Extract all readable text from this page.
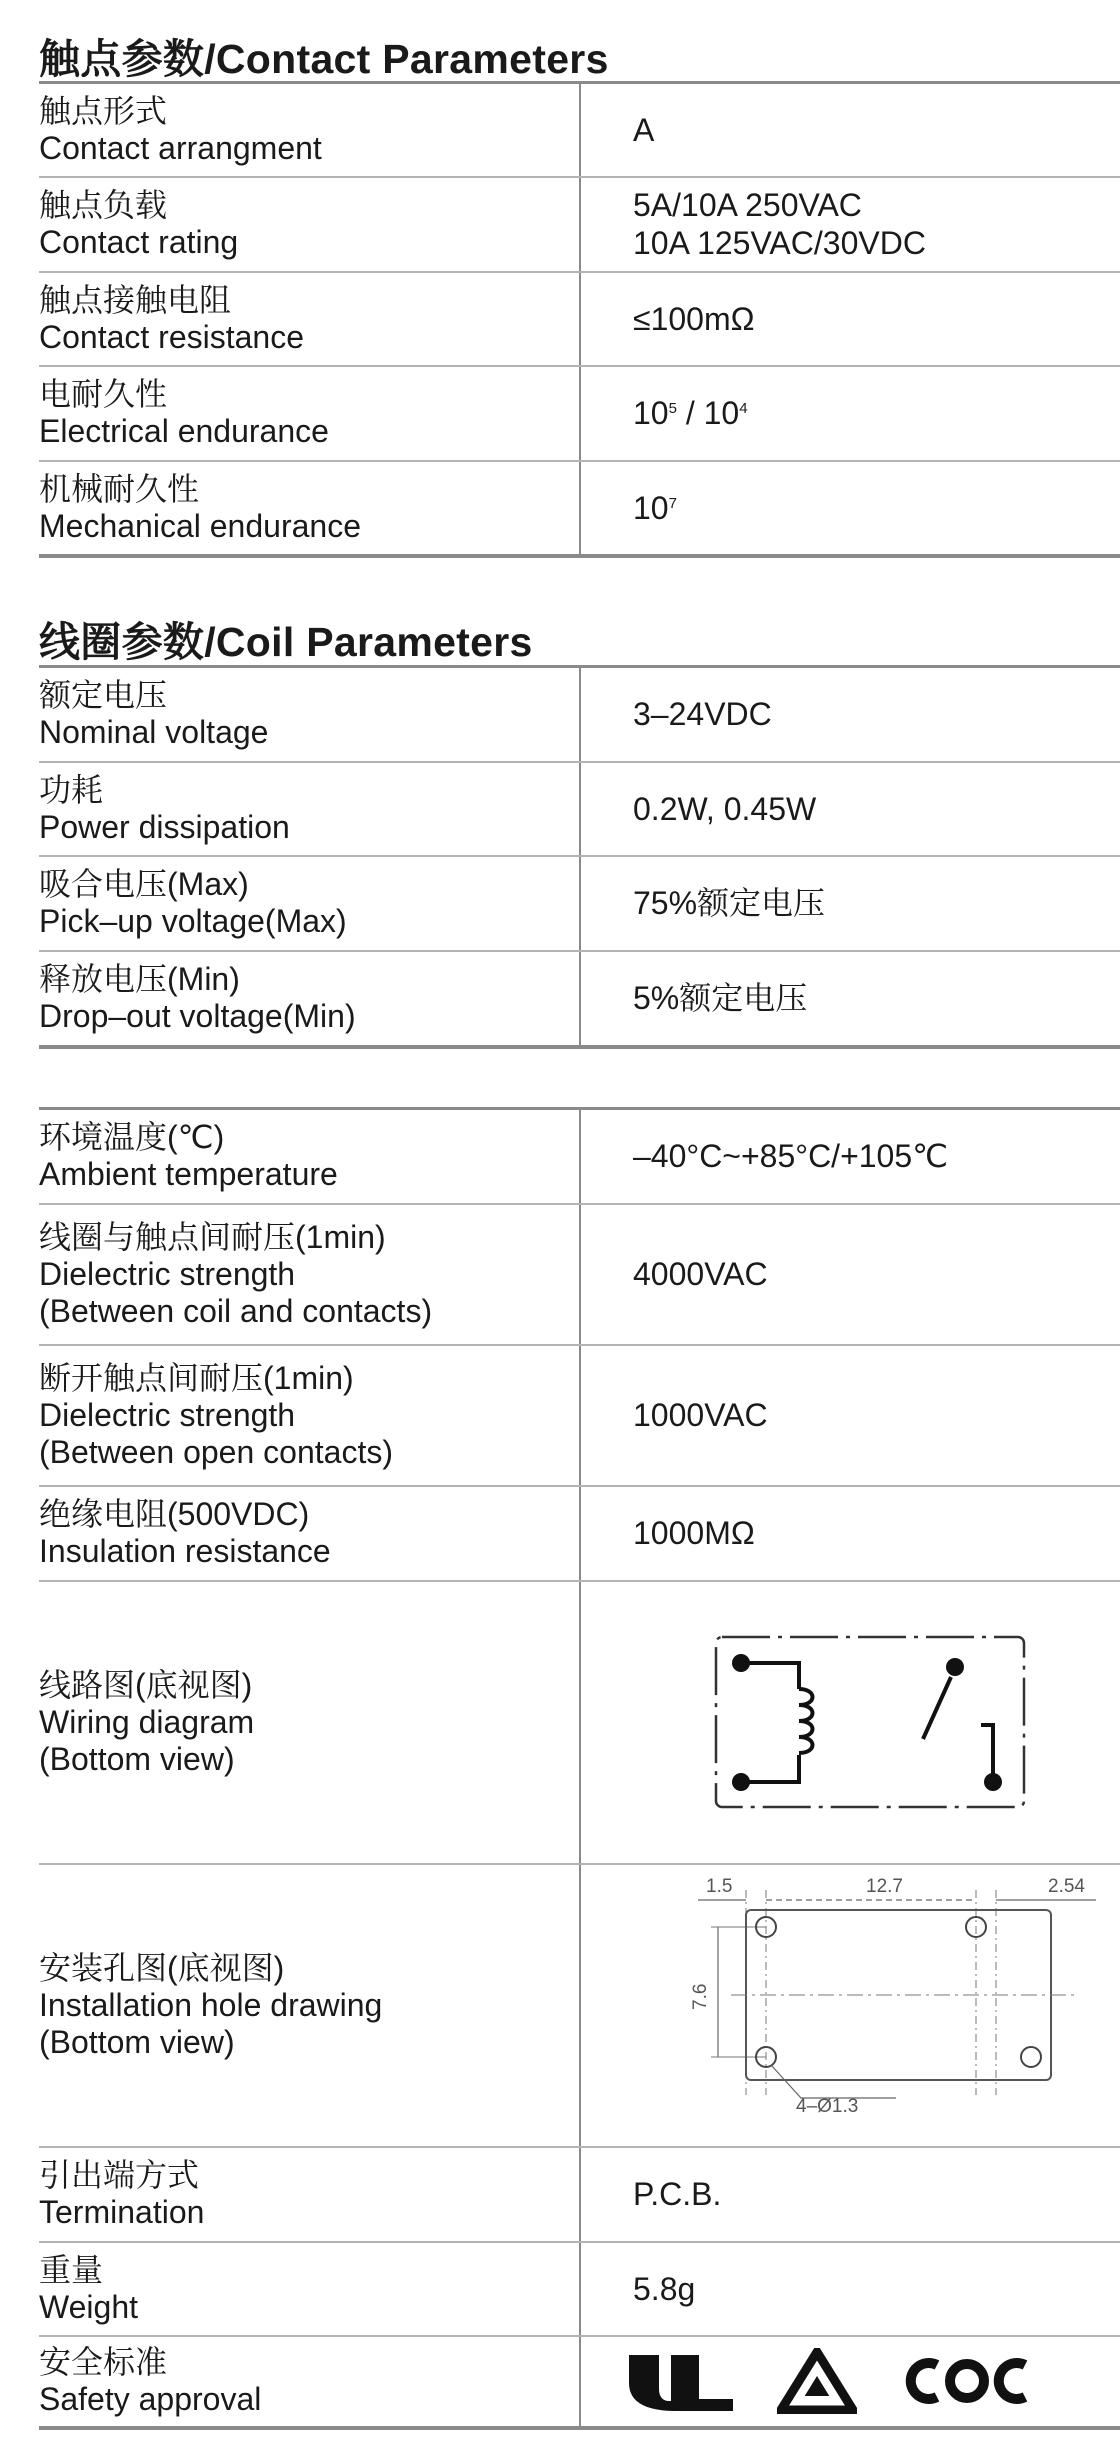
触点参数/Contact Parameters
触点形式
Contact arrangment	A

触点负载
Contact rating	5A/10A 250VAC
10A 125VAC/30VDC

触点接触电阻
Contact resistance	≤100mΩ

电耐久性
Electrical endurance	$10^5 / 10^4$

机械耐久性
Mechanical endurance	$10^7$
线圈参数/Coil Parameters
额定电压
Nominal voltage	3–24VDC

功耗
Power dissipation	0.2W, 0.45W

吸合电压(Max)
Pick–up voltage(Max)	75%额定电压

释放电压(Min)
Drop–out voltage(Min)	5%额定电压
环境温度(℃)
Ambient temperature	–40°C~+85°C/+105℃

线圈与触点间耐压(1min)
Dielectric strength
(Between coil and contacts)	4000VAC

断开触点间耐压(1min)
Dielectric strength
(Between open contacts)	1000VAC

绝缘电阻(500VDC)
Insulation resistance	1000MΩ

线路图(底视图)
Wiring diagram
(Bottom view)

安装孔图(底视图)
Installation hole drawing
(Bottom view)	1.5 12.7 2.54
7.6
4–Ø1.3

引出端方式
Termination	P.C.B.

重量
Weight	5.8g

安全标准
Safety approval
